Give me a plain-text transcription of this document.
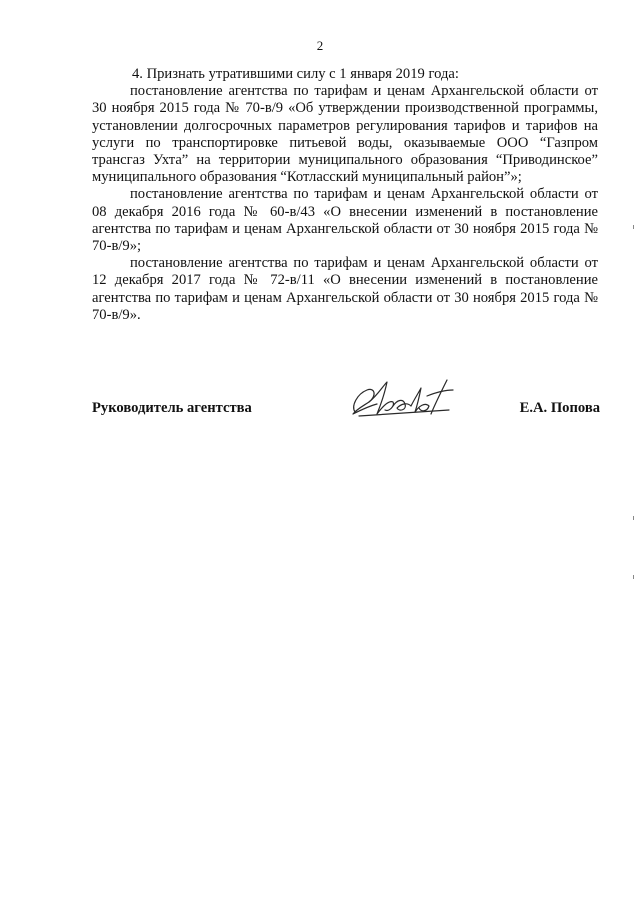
2

4. Признать утратившими силу с 1 января 2019 года:

постановление агентства по тарифам и ценам Архангельской области от 30 ноября 2015 года № 70-в/9 «Об утверждении производственной программы, установлении долгосрочных параметров регулирования тарифов и тарифов на услуги по транспортировке питьевой воды, оказываемые ООО “Газпром трансгаз Ухта” на территории муниципального образования “Приводинское” муниципального образования “Котласский муниципальный район”»;

постановление агентства по тарифам и ценам Архангельской области от 08 декабря 2016 года № 60-в/43 «О внесении изменений в постановление агентства по тарифам и ценам Архангельской области от 30 ноября 2015 года № 70-в/9»;

постановление агентства по тарифам и ценам Архангельской области от 12 декабря 2017 года № 72-в/11 «О внесении изменений в постановление агентства по тарифам и ценам Архангельской области от 30 ноября 2015 года № 70-в/9».

Руководитель агентства	Е.А. Попова
